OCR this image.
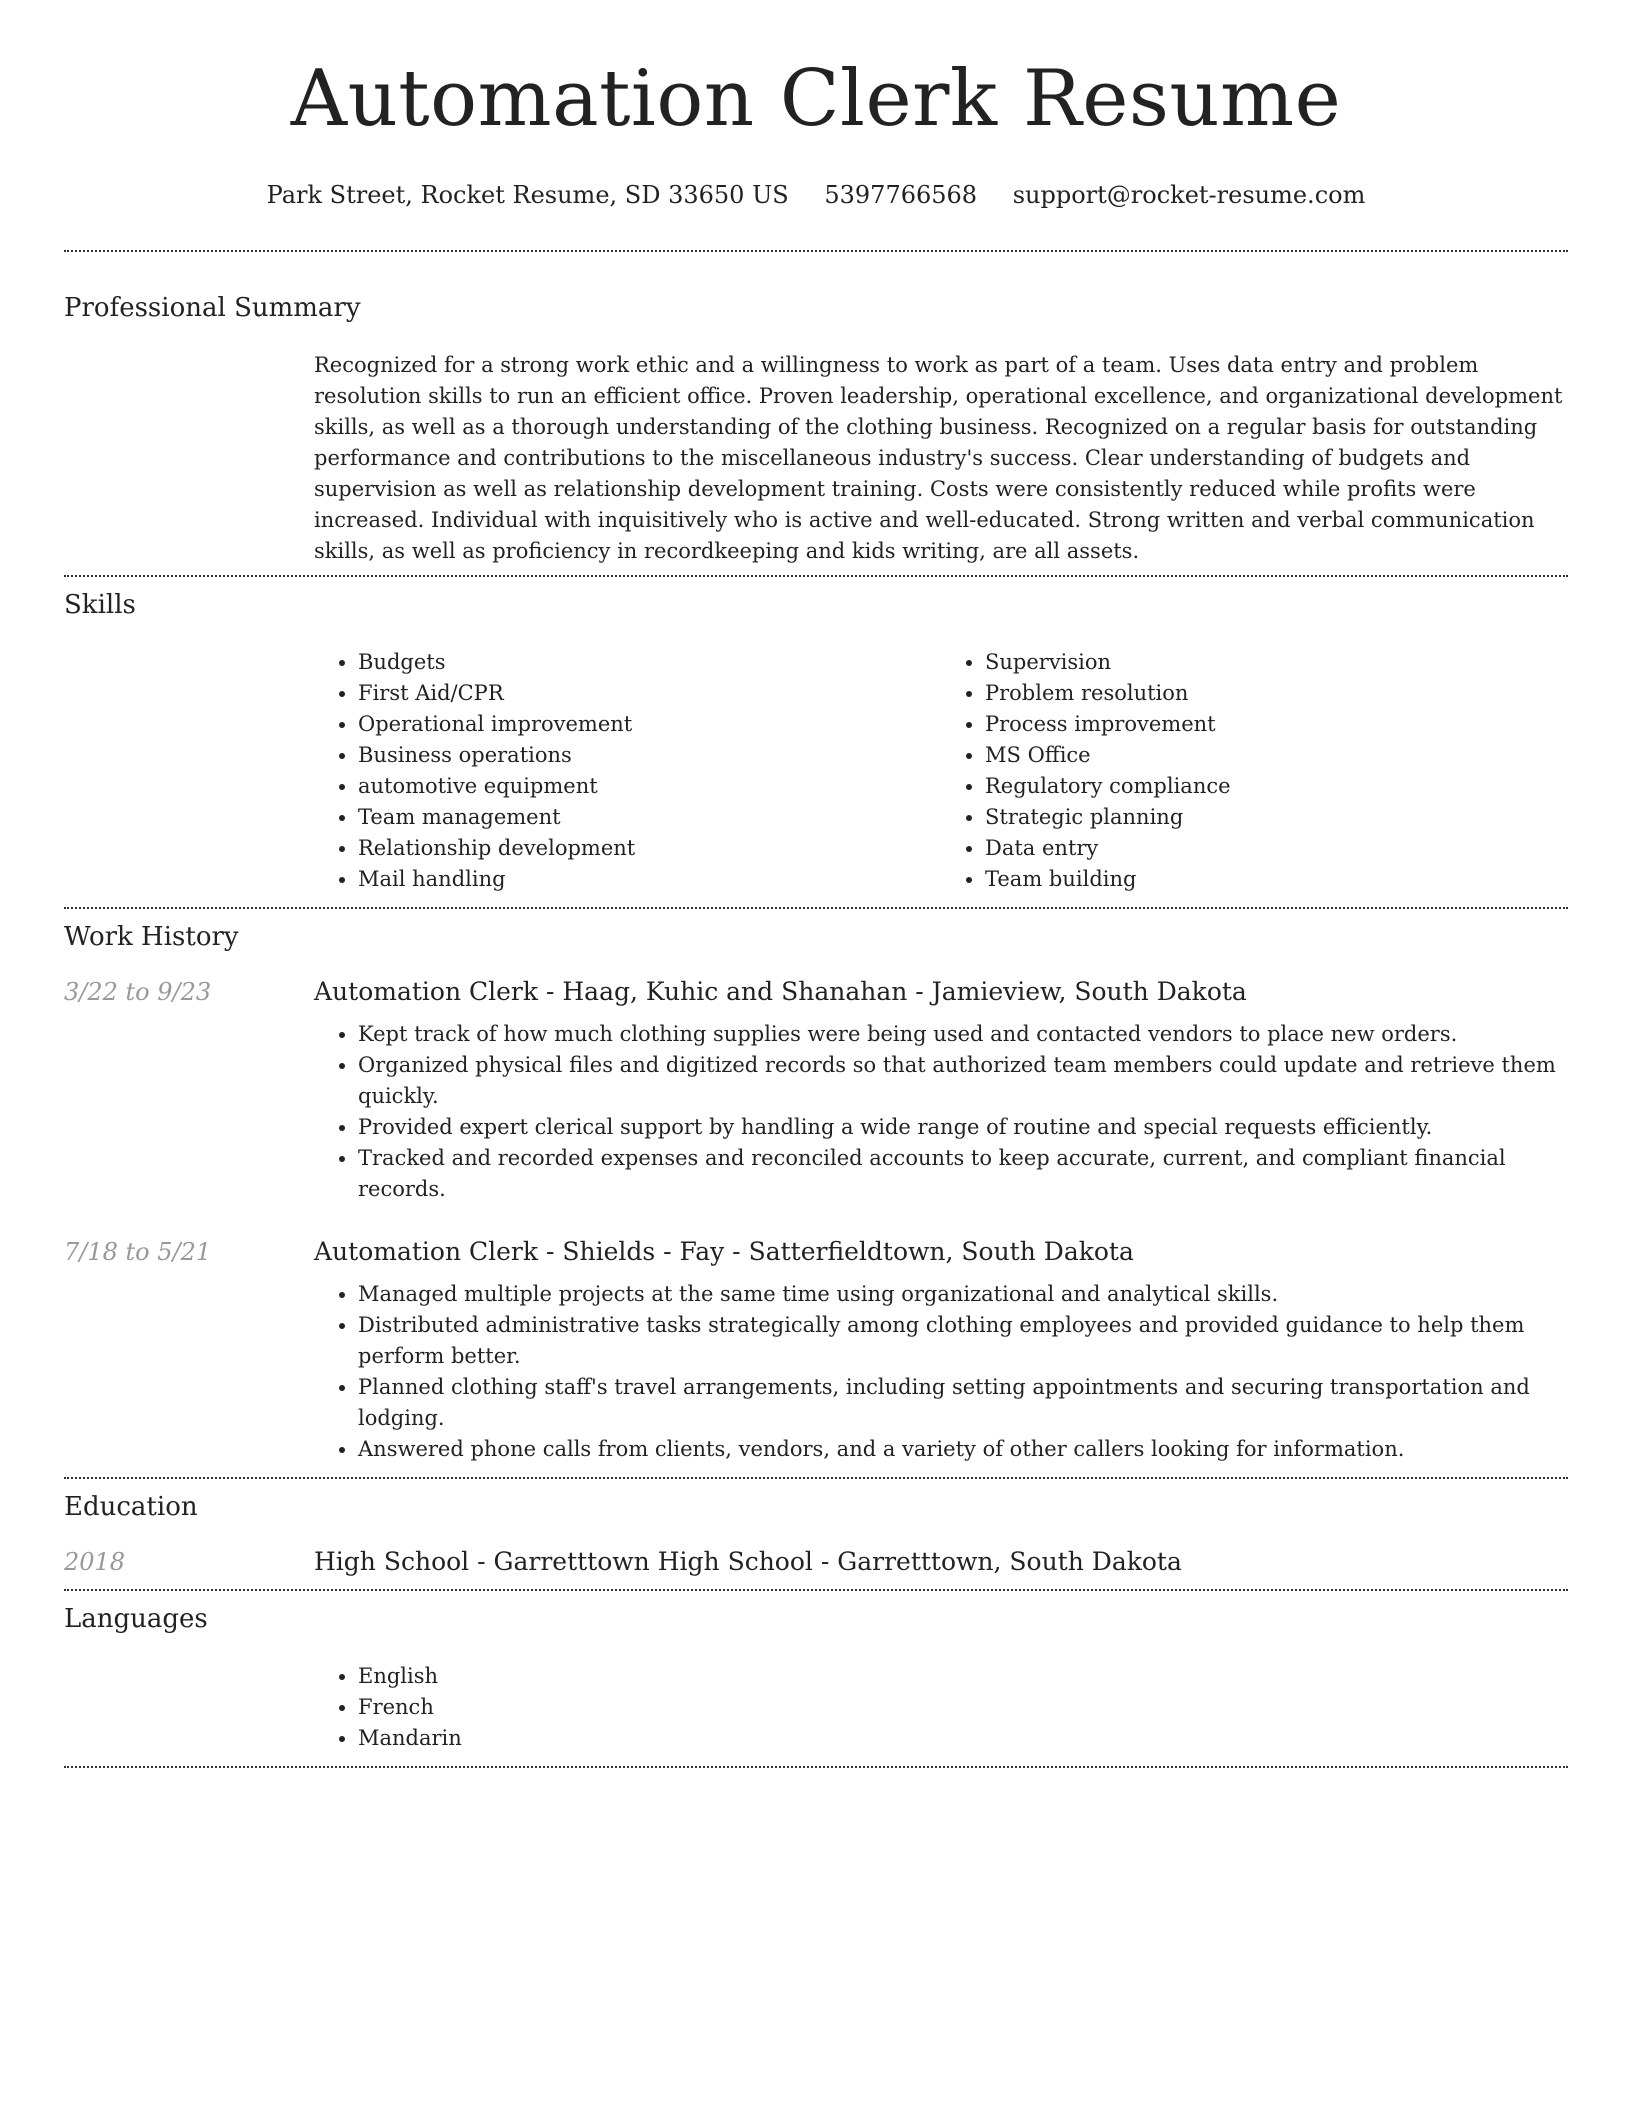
Automation Clerk Resume
Park Street, Rocket Resume, SD 33650 US 5397766568 support@rocket-resume.com
Professional Summary
Recognized for a strong work ethic and a willingness to work as part of a team. Uses data entry and problem resolution skills to run an efficient office. Proven leadership, operational excellence, and organizational development skills, as well as a thorough understanding of the clothing business. Recognized on a regular basis for outstanding performance and contributions to the miscellaneous industry's success. Clear understanding of budgets and supervision as well as relationship development training. Costs were consistently reduced while profits were increased. Individual with inquisitively who is active and well-educated. Strong written and verbal communication skills, as well as proficiency in recordkeeping and kids writing, are all assets.
Skills
• Budgets
• First Aid/CPR
• Operational improvement
• Business operations
• automotive equipment
• Team management
• Relationship development
• Mail handling
• Supervision
• Problem resolution
• Process improvement
• MS Office
• Regulatory compliance
• Strategic planning
• Data entry
• Team building
Work History
3/22 to 9/23	Automation Clerk - Haag, Kuhic and Shanahan - Jamieview, South Dakota
• Kept track of how much clothing supplies were being used and contacted vendors to place new orders.
• Organized physical files and digitized records so that authorized team members could update and retrieve them quickly.
• Provided expert clerical support by handling a wide range of routine and special requests efficiently.
• Tracked and recorded expenses and reconciled accounts to keep accurate, current, and compliant financial records.
7/18 to 5/21	Automation Clerk - Shields - Fay - Satterfieldtown, South Dakota
• Managed multiple projects at the same time using organizational and analytical skills.
• Distributed administrative tasks strategically among clothing employees and provided guidance to help them perform better.
• Planned clothing staff's travel arrangements, including setting appointments and securing transportation and lodging.
• Answered phone calls from clients, vendors, and a variety of other callers looking for information.
Education
2018	High School - Garretttown High School - Garretttown, South Dakota
Languages
• English
• French
• Mandarin
